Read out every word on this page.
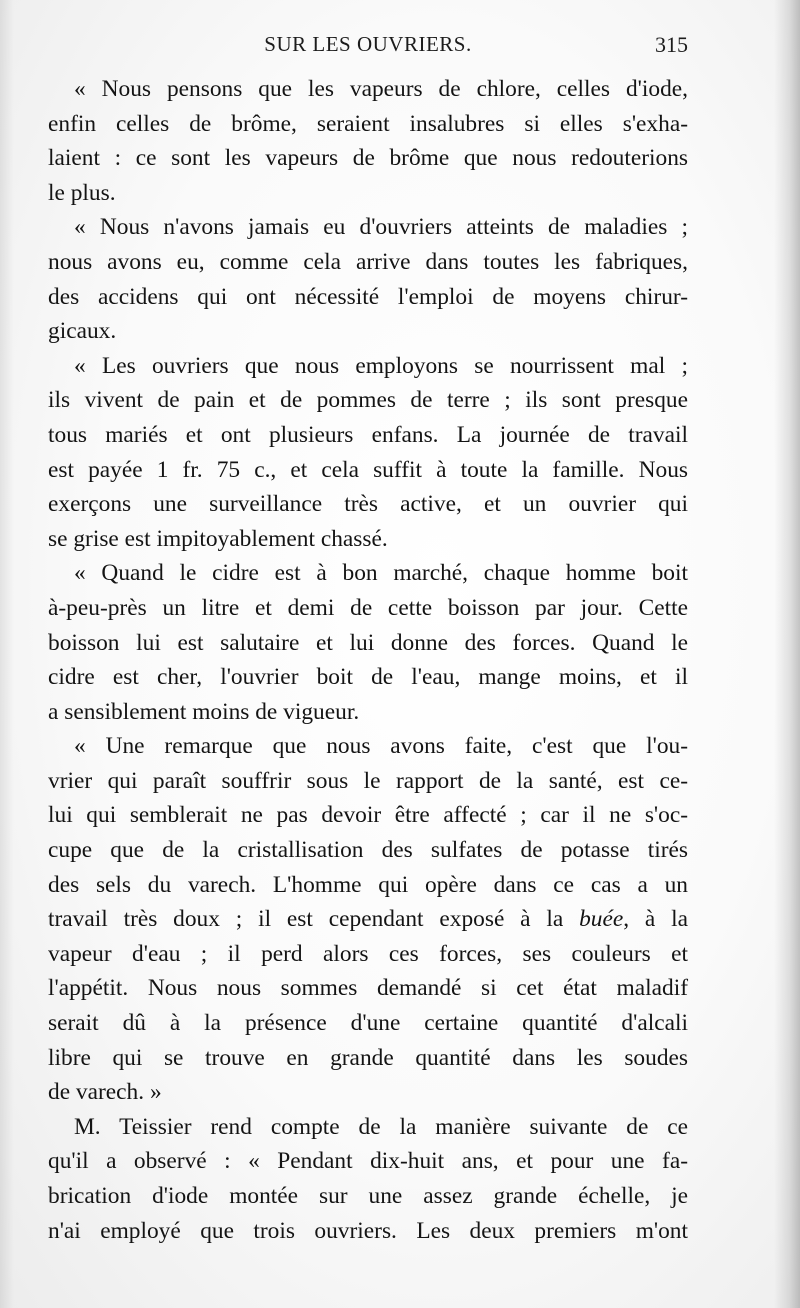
SUR LES OUVRIERS.	315
« Nous pensons que les vapeurs de chlore, celles d'iode,
enfin celles de brôme, seraient insalubres si elles s'exha-
laient : ce sont les vapeurs de brôme que nous redouterions
le plus.
« Nous n'avons jamais eu d'ouvriers atteints de maladies ;
nous avons eu, comme cela arrive dans toutes les fabriques,
des accidens qui ont nécessité l'emploi de moyens chirur-
gicaux.
« Les ouvriers que nous employons se nourrissent mal ;
ils vivent de pain et de pommes de terre ; ils sont presque
tous mariés et ont plusieurs enfans. La journée de travail
est payée 1 fr. 75 c., et cela suffit à toute la famille. Nous
exerçons une surveillance très active, et un ouvrier qui
se grise est impitoyablement chassé.
« Quand le cidre est à bon marché, chaque homme boit
à-peu-près un litre et demi de cette boisson par jour. Cette
boisson lui est salutaire et lui donne des forces. Quand le
cidre est cher, l'ouvrier boit de l'eau, mange moins, et il
a sensiblement moins de vigueur.
« Une remarque que nous avons faite, c'est que l'ou-
vrier qui paraît souffrir sous le rapport de la santé, est ce-
lui qui semblerait ne pas devoir être affecté ; car il ne s'oc-
cupe que de la cristallisation des sulfates de potasse tirés
des sels du varech. L'homme qui opère dans ce cas a un
travail très doux ; il est cependant exposé à la buée, à la
vapeur d'eau ; il perd alors ces forces, ses couleurs et
l'appétit. Nous nous sommes demandé si cet état maladif
serait dû à la présence d'une certaine quantité d'alcali
libre qui se trouve en grande quantité dans les soudes
de varech. »
M. Teissier rend compte de la manière suivante de ce
qu'il a observé : « Pendant dix-huit ans, et pour une fa-
brication d'iode montée sur une assez grande échelle, je
n'ai employé que trois ouvriers. Les deux premiers m'ont
